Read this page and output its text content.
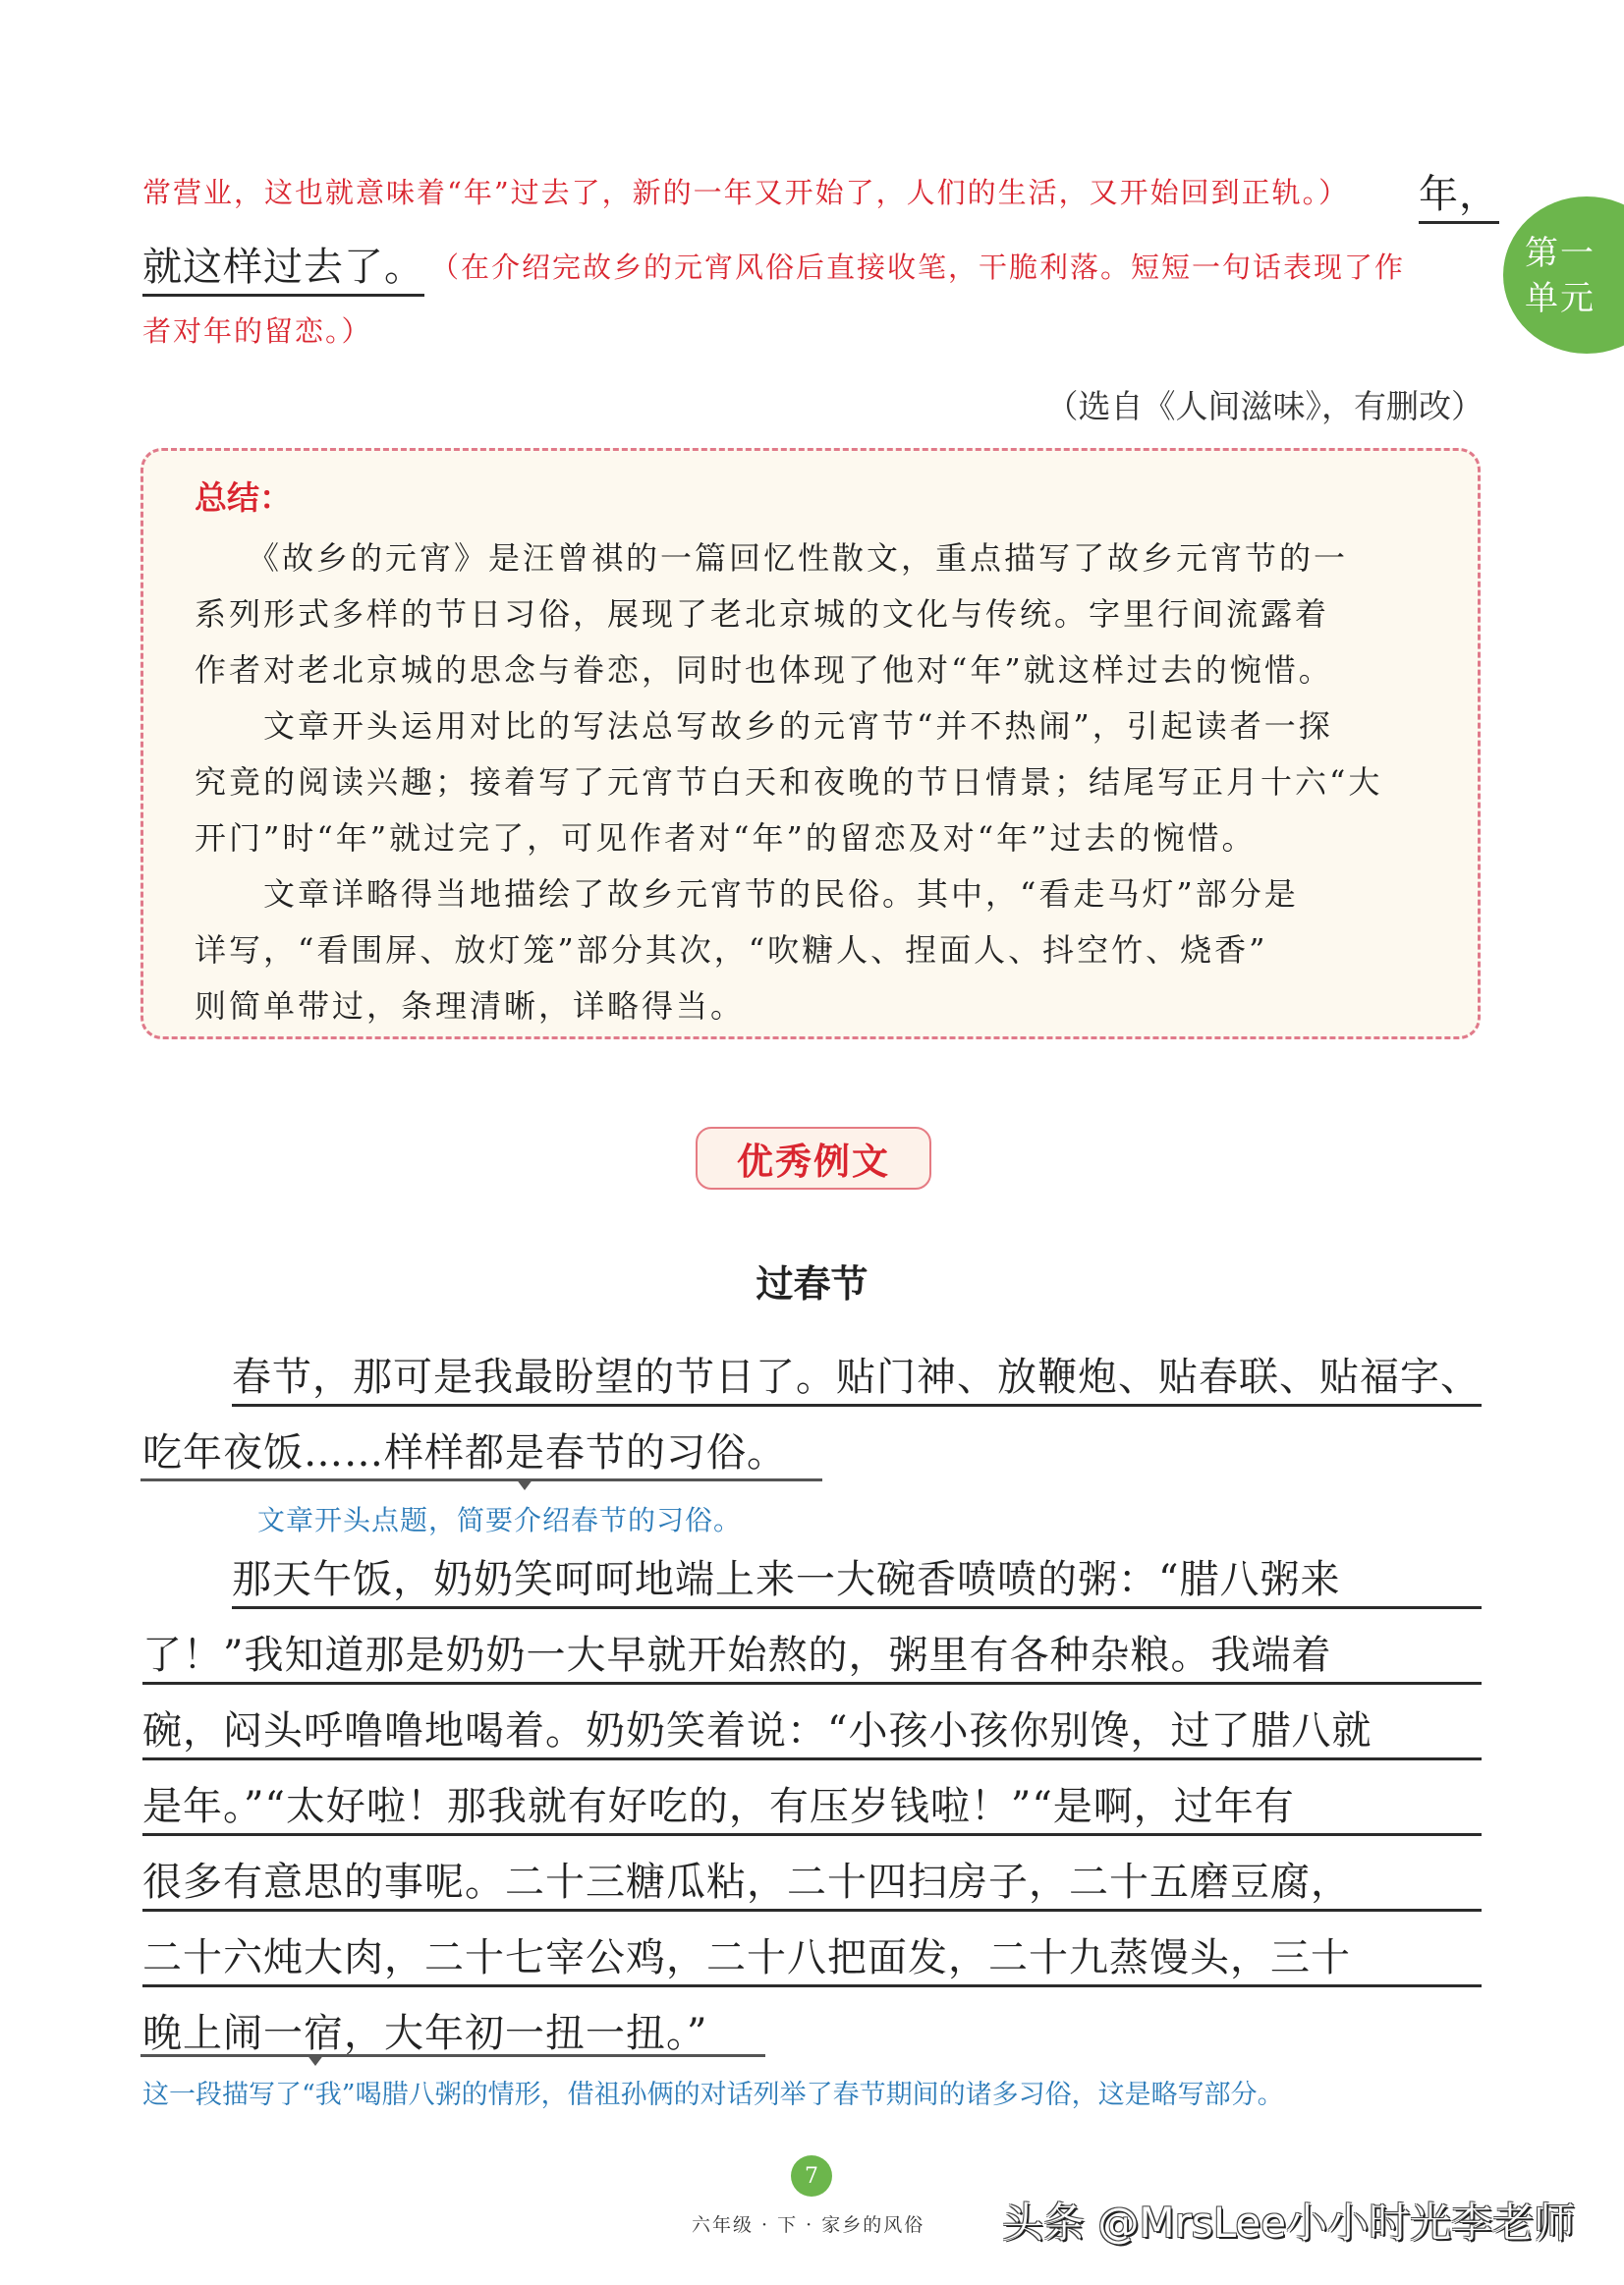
第一
单元
常营业，这也就意味着“年”过去了，新的一年又开始了，人们的生活，又开始回到正轨。） 年，
就这样过去了。 （在介绍完故乡的元宵风俗后直接收笔，干脆利落。短短一句话表现了作
者对年的留恋。）
（选自《人间滋味》，有删改）
总结：
　　《故乡的元宵》是汪曾祺的一篇回忆性散文，重点描写了故乡元宵节的一
系列形式多样的节日习俗，展现了老北京城的文化与传统。字里行间流露着
作者对老北京城的思念与眷恋，同时也体现了他对“年”就这样过去的惋惜。
　　文章开头运用对比的写法总写故乡的元宵节“并不热闹”，引起读者一探
究竟的阅读兴趣；接着写了元宵节白天和夜晚的节日情景；结尾写正月十六“大
开门”时“年”就过完了，可见作者对“年”的留恋及对“年”过去的惋惜。
　　文章详略得当地描绘了故乡元宵节的民俗。其中，“看走马灯”部分是
详写，“看围屏、放灯笼”部分其次，“吹糖人、捏面人、抖空竹、烧香”
则简单带过，条理清晰，详略得当。
优秀例文
过春节
春节，那可是我最盼望的节日了。贴门神、放鞭炮、贴春联、贴福字、
吃年夜饭……样样都是春节的习俗。
文章开头点题，简要介绍春节的习俗。
那天午饭，奶奶笑呵呵地端上来一大碗香喷喷的粥：“腊八粥来
了！”我知道那是奶奶一大早就开始熬的，粥里有各种杂粮。我端着
碗，闷头呼噜噜地喝着。奶奶笑着说：“小孩小孩你别馋，过了腊八就
是年。”“太好啦！那我就有好吃的，有压岁钱啦！”“是啊，过年有
很多有意思的事呢。二十三糖瓜粘，二十四扫房子，二十五磨豆腐，
二十六炖大肉，二十七宰公鸡，二十八把面发，二十九蒸馒头，三十
晚上闹一宿，大年初一扭一扭。”
这一段描写了“我”喝腊八粥的情形，借祖孙俩的对话列举了春节期间的诸多习俗，这是略写部分。
7
六年级 · 下 · 家乡的风俗 头条 @MrsLee小小时光李老师
